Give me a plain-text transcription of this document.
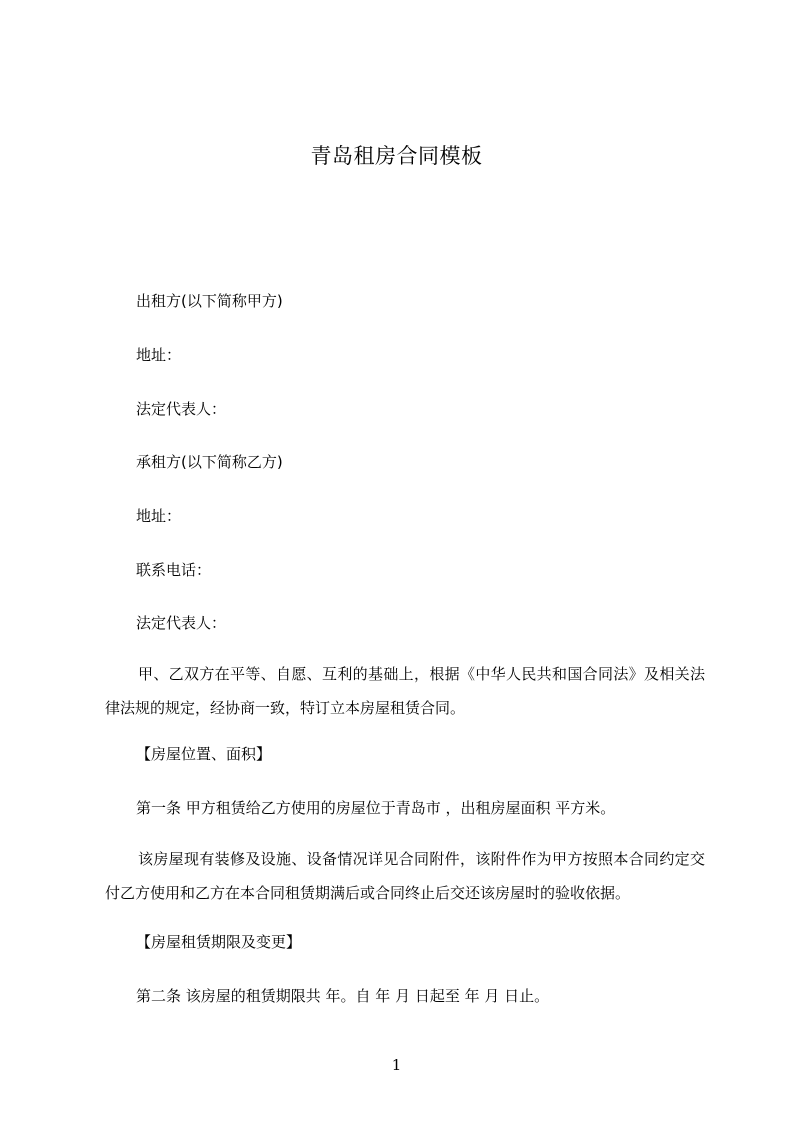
青岛租房合同模板
出租方(以下简称甲方)
地址：
法定代表人：
承租方(以下简称乙方)
地址：
联系电话：
法定代表人：
甲、乙双方在平等、自愿、互利的基础上，根据《中华人民共和国合同法》及相关法律法规的规定，经协商一致，特订立本房屋租赁合同。
【房屋位置、面积】
第一条 甲方租赁给乙方使用的房屋位于青岛市 ，出租房屋面积 平方米。
该房屋现有装修及设施、设备情况详见合同附件，该附件作为甲方按照本合同约定交付乙方使用和乙方在本合同租赁期满后或合同终止后交还该房屋时的验收依据。
【房屋租赁期限及变更】
第二条 该房屋的租赁期限共 年。自 年 月 日起至 年 月 日止。
1
